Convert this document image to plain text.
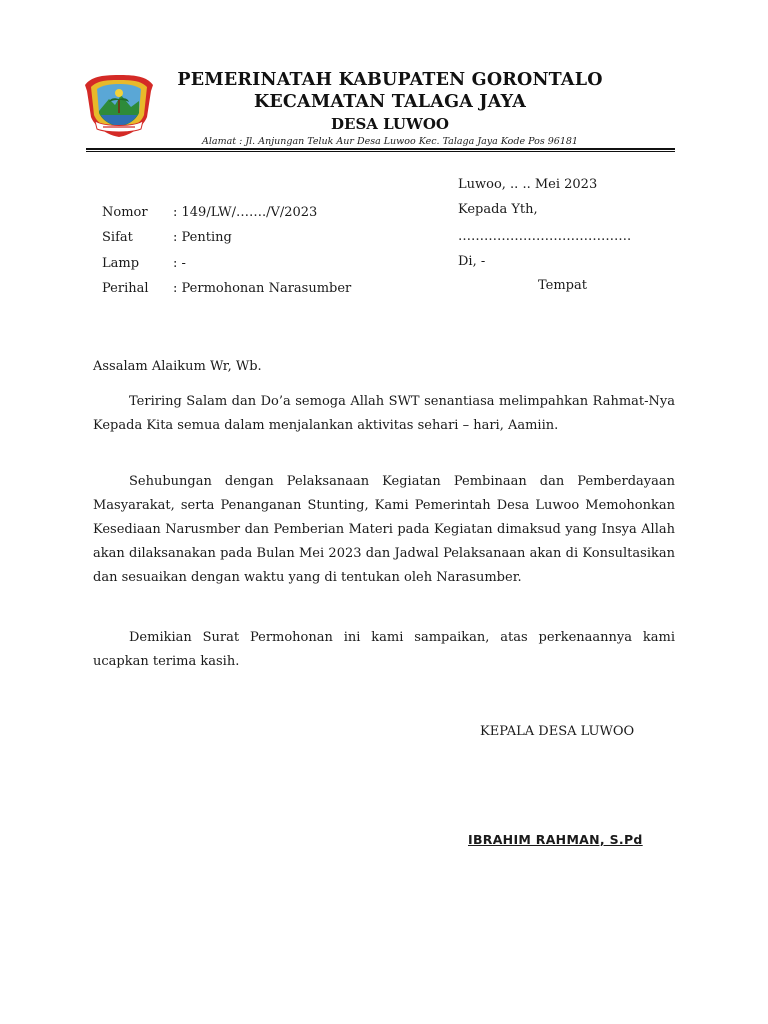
PEMERINATAH KABUPATEN GORONTALO
KECAMATAN TALAGA JAYA
DESA LUWOO
Alamat : Jl. Anjungan Teluk Aur Desa Luwoo Kec. Talaga Jaya Kode Pos 96181
Luwoo, .. .. Mei 2023
Kepada Yth,
………………………………….
Di, -
Tempat
Nomor : 149/LW/……./V/2023
Sifat	: Penting
Lamp	: -
Perihal : Permohonan Narasumber
Assalam Alaikum Wr, Wb.
Teriring Salam dan Do’a semoga Allah SWT senantiasa melimpahkan Rahmat-Nya Kepada Kita semua dalam menjalankan aktivitas sehari – hari, Aamiin.
Sehubungan dengan Pelaksanaan Kegiatan Pembinaan dan Pemberdayaan Masyarakat, serta Penanganan Stunting, Kami Pemerintah Desa Luwoo Memohonkan Kesediaan Narusmber dan Pemberian Materi pada Kegiatan dimaksud yang Insya Allah akan dilaksanakan pada Bulan Mei 2023 dan Jadwal Pelaksanaan akan di Konsultasikan dan sesuaikan dengan waktu yang di tentukan oleh Narasumber.
Demikian Surat Permohonan ini kami sampaikan, atas perkenaannya kami ucapkan terima kasih.
KEPALA DESA LUWOO
IBRAHIM RAHMAN, S.Pd
